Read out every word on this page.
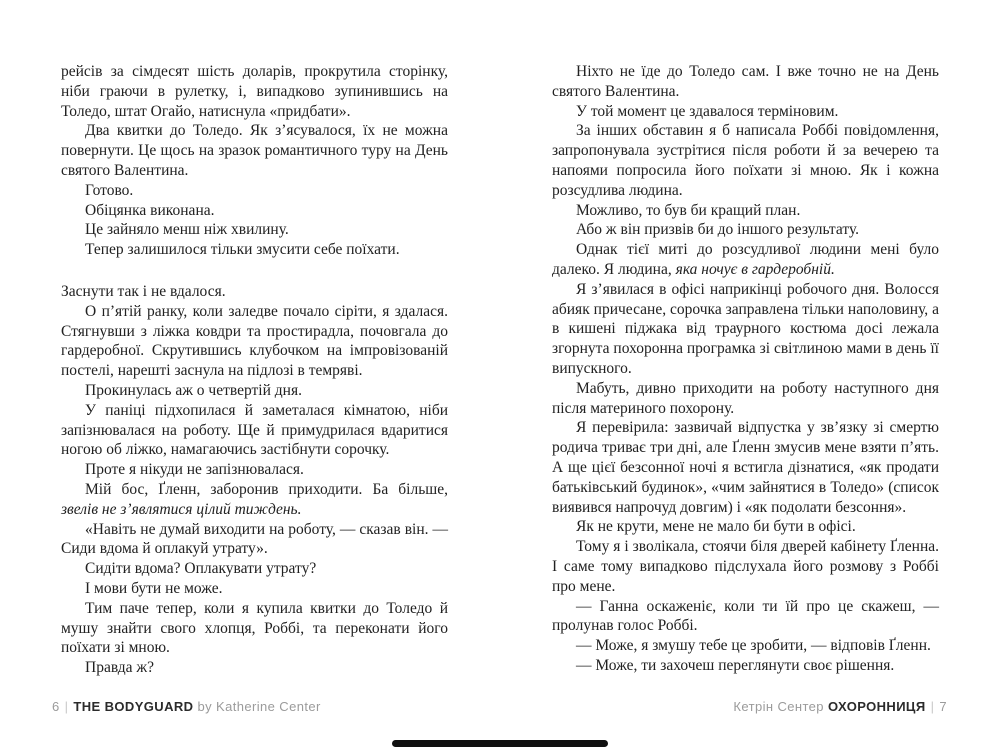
рейсів за сімдесят шість доларів, прокрутила сторінку, ніби граючи в рулетку, і, випадково зупинившись на Толедо, штат Огайо, натиснула «придбати».

Два квитки до Толедо. Як з’ясувалося, їх не можна повернути. Це щось на зразок романтичного туру на День святого Валентина.

Готово.

Обіцянка виконана.

Це зайняло менш ніж хвилину.

Тепер залишилося тільки змусити себе поїхати.

Заснути так і не вдалося.

О п’ятій ранку, коли заледве почало сіріти, я здалася. Стягнувши з ліжка ковдри та простирадла, почовгала до гардеробної. Скрутившись клубочком на імпровізованій постелі, нарешті заснула на підлозі в темряві.

Прокинулась аж о четвертій дня.

У паніці підхопилася й заметалася кімнатою, ніби запізнювалася на роботу. Ще й примудрилася вдаритися ногою об ліжко, намагаючись застібнути сорочку.

Проте я нікуди не запізнювалася.

Мій бос, Ґленн, заборонив приходити. Ба більше, звелів не з’являтися цілий тиждень.

«Навіть не думай виходити на роботу, — сказав він. — Сиди вдома й оплакуй утрату».

Сидіти вдома? Оплакувати утрату?

І мови бути не може.

Тим паче тепер, коли я купила квитки до Толедо й мушу знайти свого хлопця, Роббі, та переконати його поїхати зі мною.

Правда ж?

Ніхто не їде до Толедо сам. І вже точно не на День святого Валентина.

У той момент це здавалося терміновим.

За інших обставин я б написала Роббі повідомлення, запропонувала зустрітися після роботи й за вечерею та напоями попросила його поїхати зі мною. Як і кожна розсудлива людина.

Можливо, то був би кращий план.

Або ж він призвів би до іншого результату.

Однак тієї миті до розсудливої людини мені було далеко. Я людина, яка ночує в гардеробній.

Я з’явилася в офісі наприкінці робочого дня. Волосся абияк причесане, сорочка заправлена тільки наполовину, а в кишені піджака від траурного костюма досі лежала згорнута похоронна програмка зі світлиною мами в день її випускного.

Мабуть, дивно приходити на роботу наступного дня після материного похорону.

Я перевірила: зазвичай відпустка у зв’язку зі смертю родича триває три дні, але Ґленн змусив мене взяти п’ять. А ще цієї безсонної ночі я встигла дізнатися, «як продати батьківський будинок», «чим зайнятися в Толедо» (список виявився напрочуд довгим) і «як подолати безсоння».

Як не крути, мене не мало би бути в офісі.

Тому я і зволікала, стоячи біля дверей кабінету Ґленна. І саме тому випадково підслухала його розмову з Роббі про мене.

— Ганна оскаженіє, коли ти їй про це скажеш, — пролунав голос Роббі.

— Може, я змушу тебе це зробити, — відповів Ґленн.

— Може, ти захочеш переглянути своє рішення.

6 | THE BODYGUARD by Katherine Center	Кетрін Сентер ОХОРОННИЦЯ | 7
